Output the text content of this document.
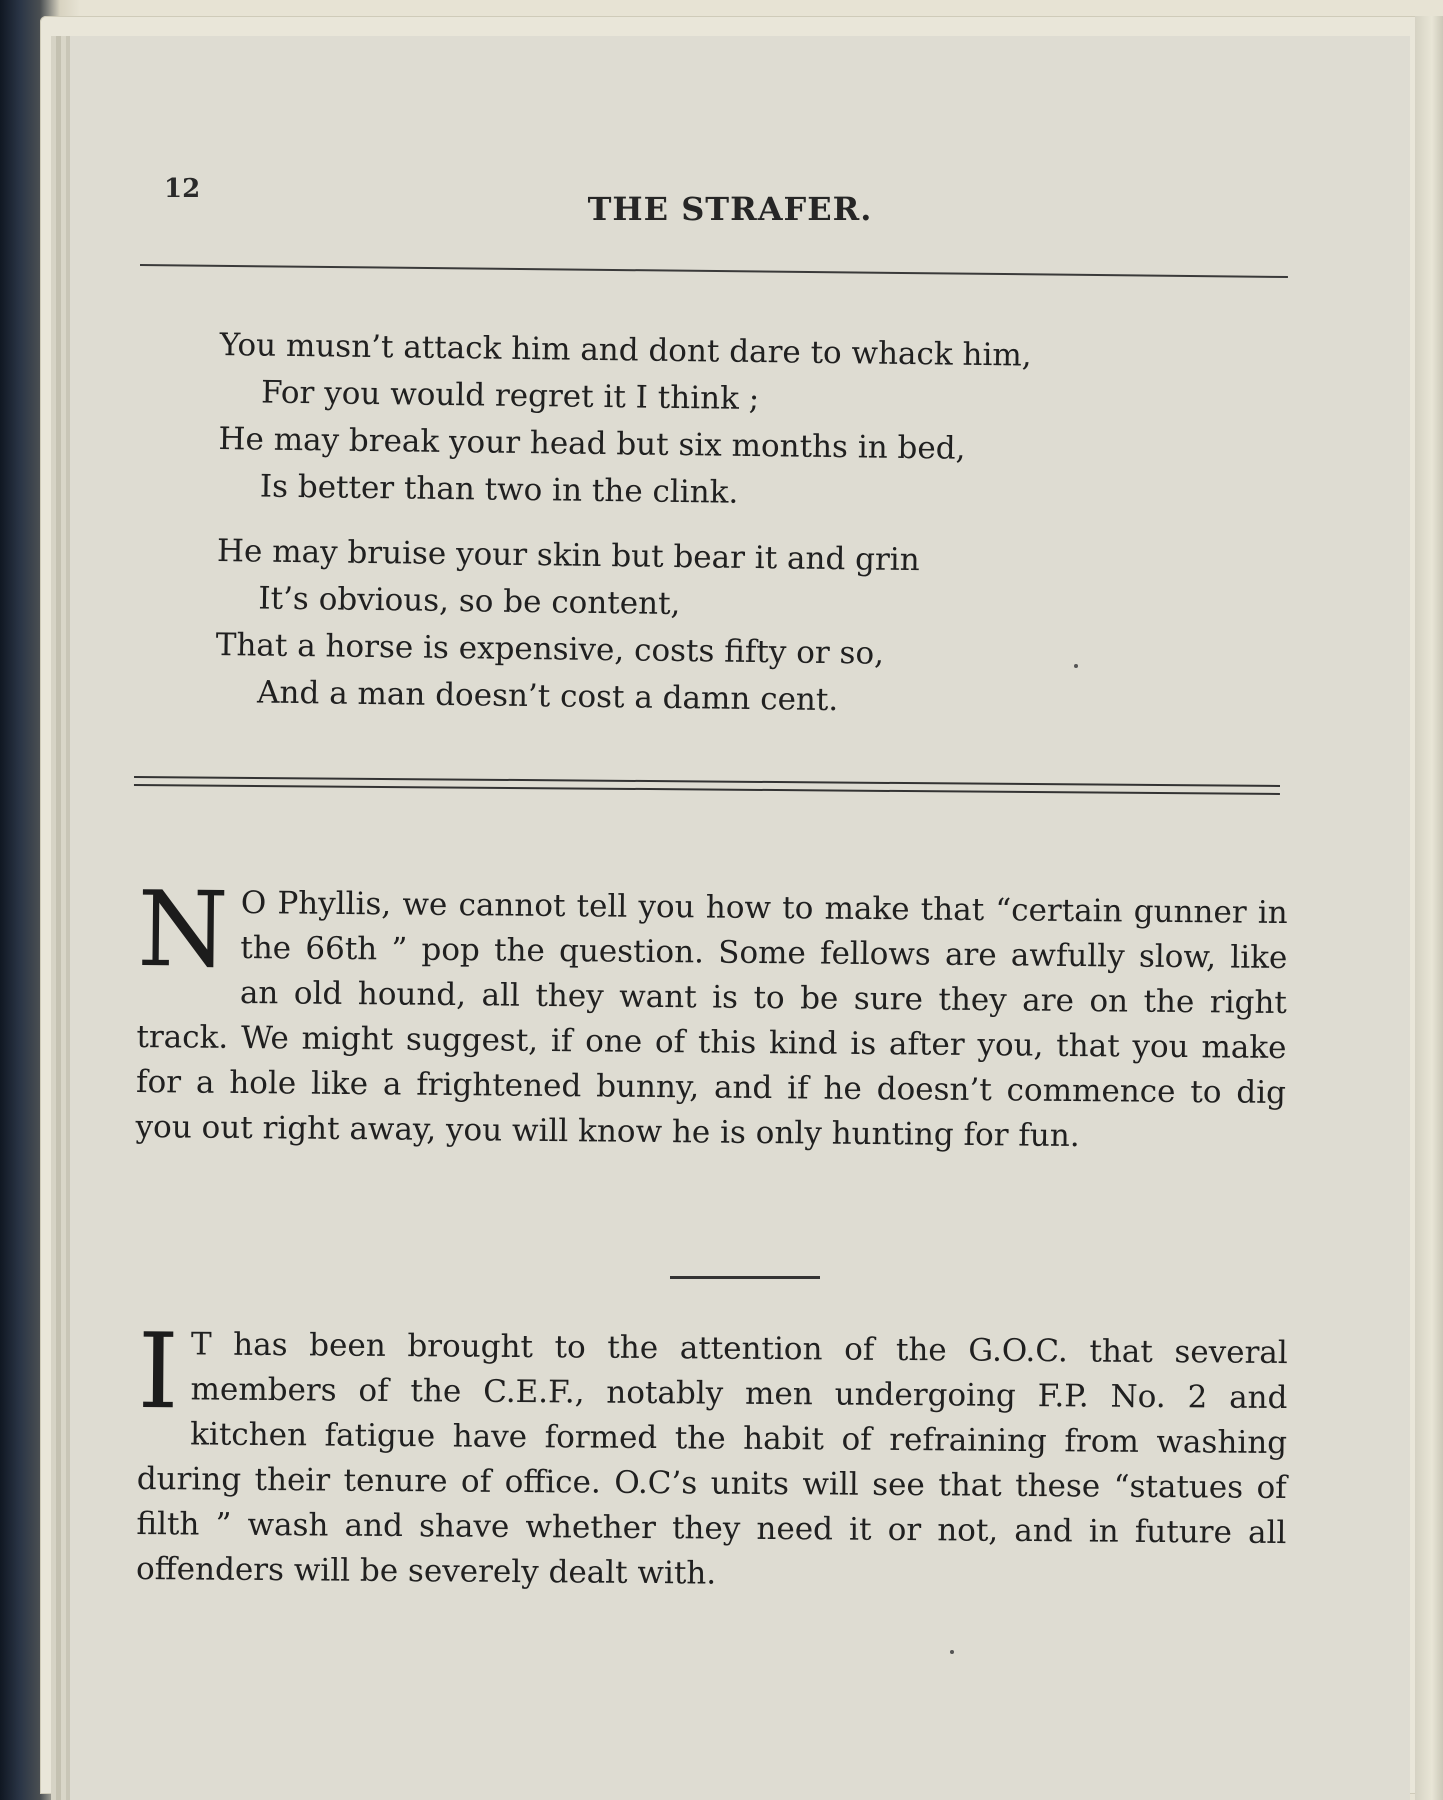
12
THE STRAFER.
You musn’t attack him and dont dare to whack him,
For you would regret it I think ;
He may break your head but six months in bed,
Is better than two in the clink.
He may bruise your skin but bear it and grin
It’s obvious, so be content,
That a horse is expensive, costs fifty or so,
And a man doesn’t cost a damn cent.
N O Phyllis, we cannot tell you how to make that “certain gunner in the 66th ” pop the question. Some fellows are awfully slow, like an old hound, all they want is to be sure they are on the right track. We might suggest, if one of this kind is after you, that you make for a hole like a frightened bunny, and if he doesn’t commence to dig you out right away, you will know he is only hunting for fun.
I T has been brought to the attention of the G.O.C. that several members of the C.E.F., notably men undergoing F.P. No. 2 and kitchen fatigue have formed the habit of refraining from washing during their tenure of office. O.C’s units will see that these “statues of filth ” wash and shave whether they need it or not, and in future all offenders will be severely dealt with.
